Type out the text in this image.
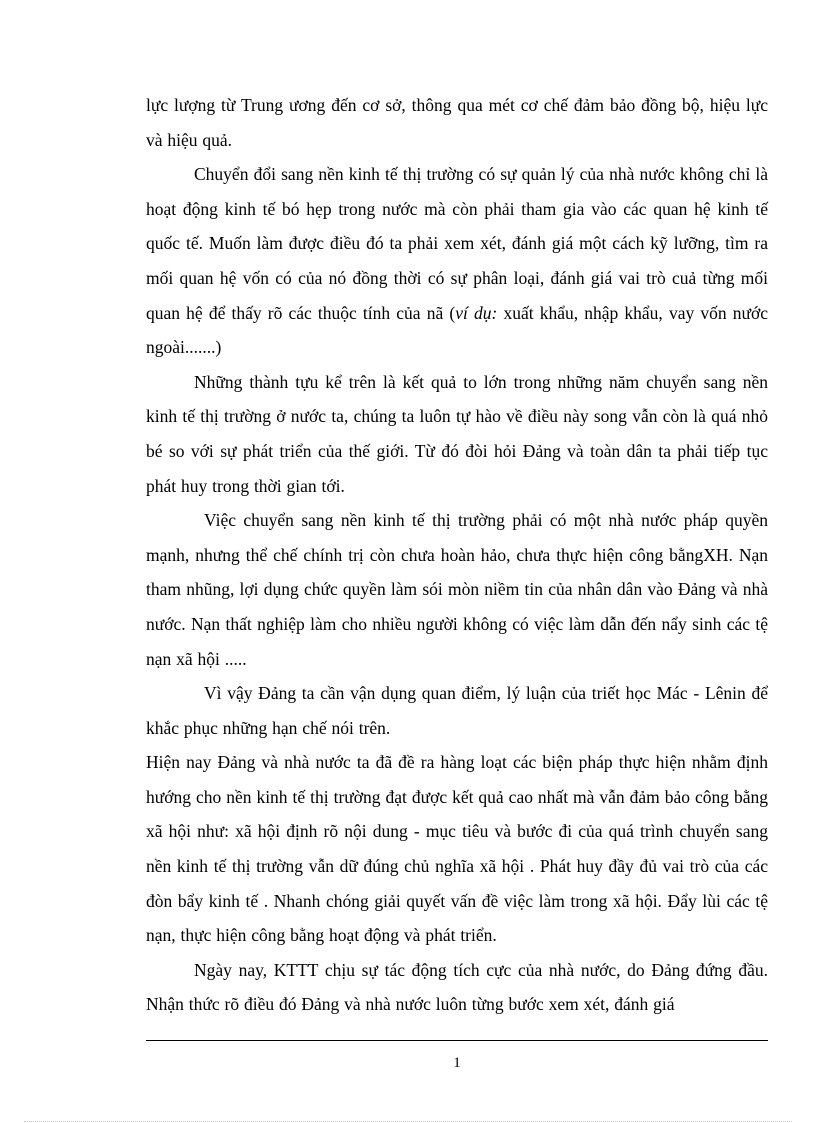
lực lượng từ Trung ương đến cơ sở, thông qua mét cơ chế đảm bảo đồng bộ, hiệu lực và hiệu quả.

Chuyển đổi sang nền kinh tế thị trường có sự quản lý của nhà nước không chỉ là hoạt động kinh tế bó hẹp trong nước mà còn phải tham gia vào các quan hệ kinh tế quốc tế. Muốn làm được điều đó ta phải xem xét, đánh giá một cách kỹ lưỡng, tìm ra mối quan hệ vốn có của nó đồng thời có sự phân loại, đánh giá vai trò cuả từng mối quan hệ để thấy rõ các thuộc tính của nã (ví dụ: xuất khẩu, nhập khẩu, vay vốn nước ngoài.......)

Những thành tựu kể trên là kết quả to lớn trong những năm chuyển sang nền kinh tế thị trường ở nước ta, chúng ta luôn tự hào về điều này song vẫn còn là quá nhỏ bé so với sự phát triển của thế giới. Từ đó đòi hỏi Đảng và toàn dân ta phải tiếp tục phát huy trong thời gian tới.

Việc chuyển sang nền kinh tế thị trường phải có một nhà nước pháp quyền mạnh, nhưng thể chế chính trị còn chưa hoàn hảo, chưa thực hiện công bằngXH. Nạn tham nhũng, lợi dụng chức quyền làm sói mòn niềm tin của nhân dân vào Đảng và nhà nước. Nạn thất nghiệp làm cho nhiều người không có việc làm dẫn đến nẩy sinh các tệ nạn xã hội .....

Vì vậy Đảng ta cần vận dụng quan điểm, lý luận của triết học Mác - Lênin để khắc phục những hạn chế nói trên.

Hiện nay Đảng và nhà nước ta đã đề ra hàng loạt các biện pháp thực hiện nhằm định hướng cho nền kinh tế thị trường đạt được kết quả cao nhất mà vẫn đảm bảo công bằng xã hội như: xã hội định rõ nội dung - mục tiêu và bước đi của quá trình chuyển sang nền kinh tế thị trường vẫn dữ đúng chủ nghĩa xã hội . Phát huy đầy đủ vai trò của các đòn bẩy kinh tế . Nhanh chóng giải quyết vấn đề việc làm trong xã hội. Đẩy lùi các tệ nạn, thực hiện công bằng hoạt động và phát triển.

Ngày nay, KTTT chịu sự tác động tích cực của nhà nước, do Đảng đứng đầu. Nhận thức rõ điều đó Đảng và nhà nước luôn từng bước xem xét, đánh giá

1
